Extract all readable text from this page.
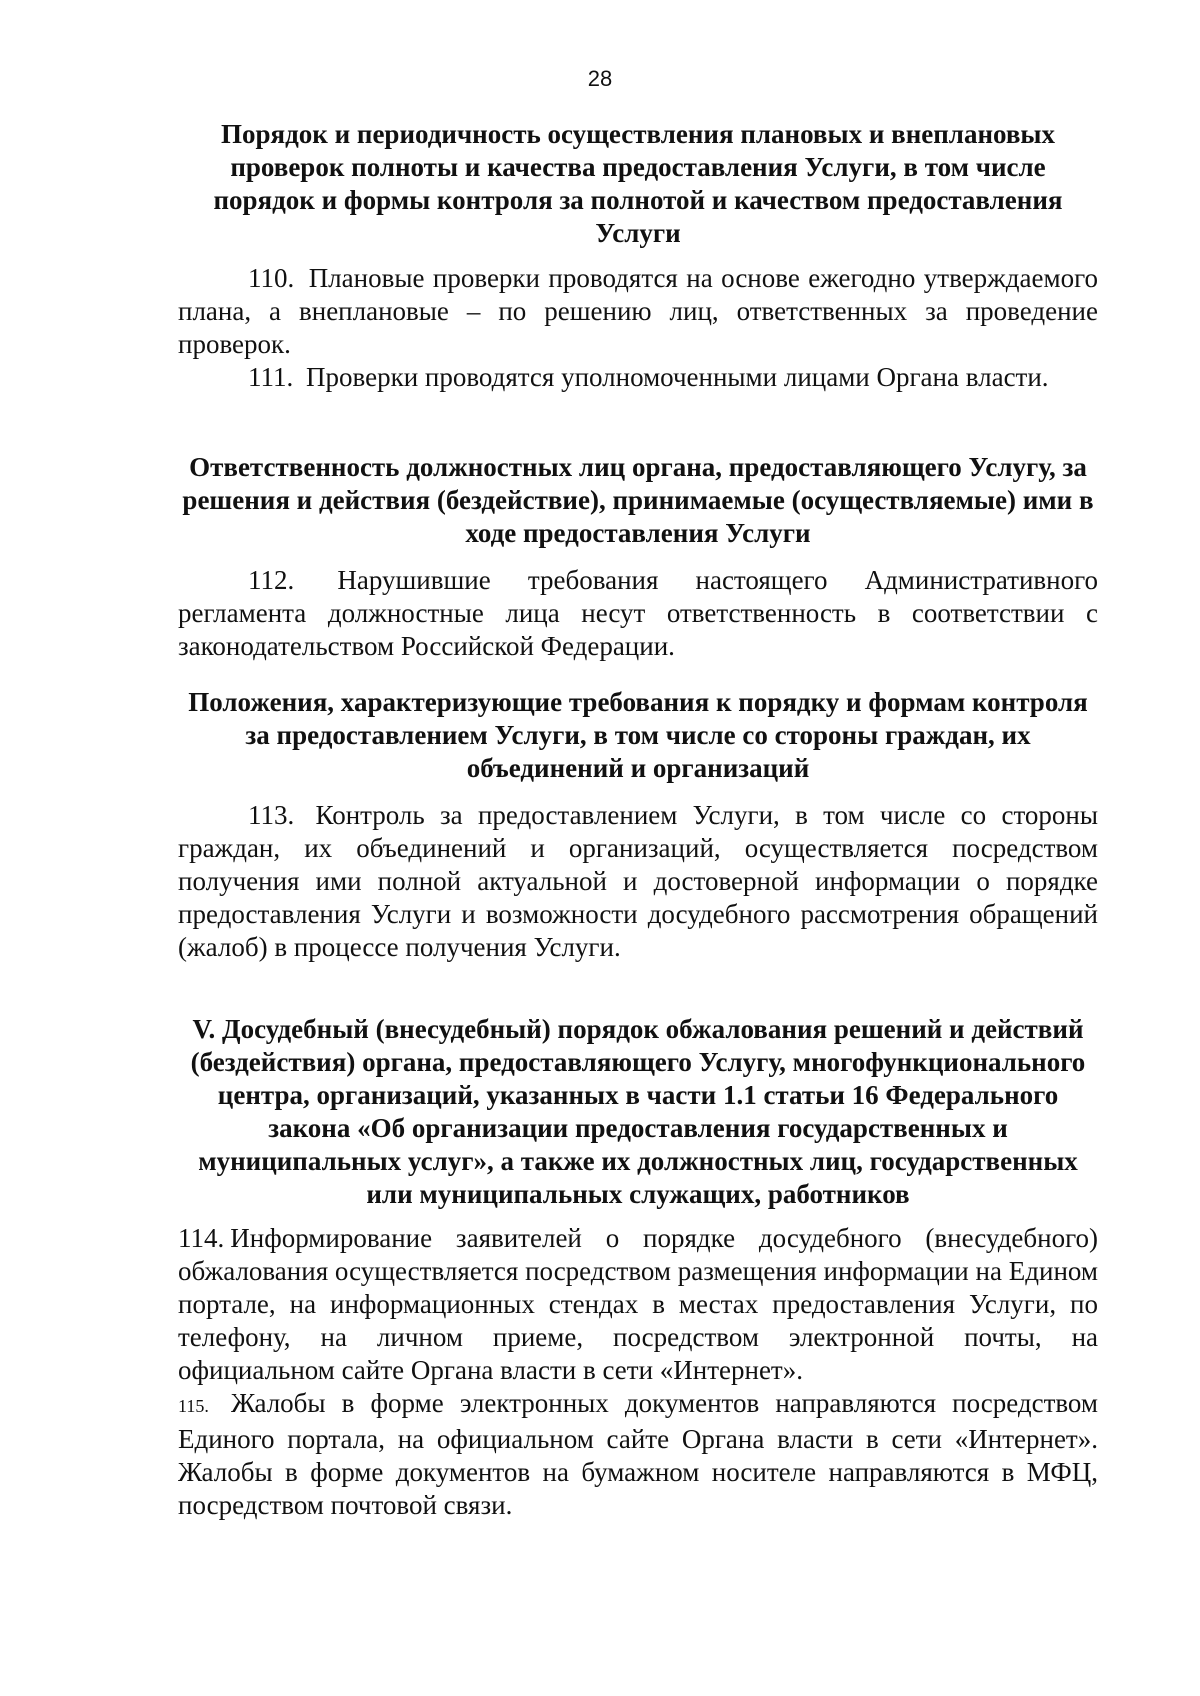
28
Порядок и периодичность осуществления плановых и внеплановых проверок полноты и качества предоставления Услуги, в том числе порядок и формы контроля за полнотой и качеством предоставления Услуги

110. Плановые проверки проводятся на основе ежегодно утверждаемого плана, а внеплановые – по решению лиц, ответственных за проведение проверок.

111. Проверки проводятся уполномоченными лицами Органа власти.

Ответственность должностных лиц органа, предоставляющего Услугу, за решения и действия (бездействие), принимаемые (осуществляемые) ими в ходе предоставления Услуги

112. Нарушившие требования настоящего Административного регламента должностные лица несут ответственность в соответствии с законодательством Российской Федерации.

Положения, характеризующие требования к порядку и формам контроля за предоставлением Услуги, в том числе со стороны граждан, их объединений и организаций

113. Контроль за предоставлением Услуги, в том числе со стороны граждан, их объединений и организаций, осуществляется посредством получения ими полной актуальной и достоверной информации о порядке предоставления Услуги и возможности досудебного рассмотрения обращений (жалоб) в процессе получения Услуги.

V. Досудебный (внесудебный) порядок обжалования решений и действий (бездействия) органа, предоставляющего Услугу, многофункционального центра, организаций, указанных в части 1.1 статьи 16 Федерального закона «Об организации предоставления государственных и муниципальных услуг», а также их должностных лиц, государственных или муниципальных служащих, работников

114. Информирование заявителей о порядке досудебного (внесудебного) обжалования осуществляется посредством размещения информации на Едином портале, на информационных стендах в местах предоставления Услуги, по телефону, на личном приеме, посредством электронной почты, на официальном сайте Органа власти в сети «Интернет».

115. Жалобы в форме электронных документов направляются посредством Единого портала, на официальном сайте Органа власти в сети «Интернет». Жалобы в форме документов на бумажном носителе направляются в МФЦ, посредством почтовой связи.
